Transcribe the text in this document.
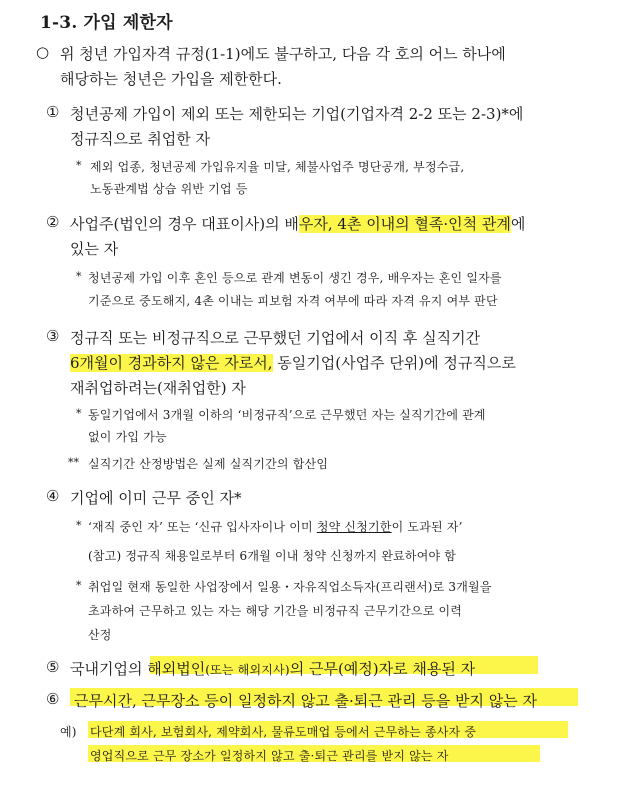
1-3. 가입 제한자
○ 위 청년 가입자격 규정(1-1)에도 불구하고, 다음 각 호의 어느 하나에
해당하는 청년은 가입을 제한한다.
① 청년공제 가입이 제외 또는 제한되는 기업(기업자격 2-2 또는 2-3)*에
정규직으로 취업한 자
* 제외 업종, 청년공제 가입유지율 미달, 체불사업주 명단공개, 부정수급,
노동관계법 상습 위반 기업 등
② 사업주(법인의 경우 대표이사)의 배우자, 4촌 이내의 혈족·인척 관계에
있는 자
* 청년공제 가입 이후 혼인 등으로 관계 변동이 생긴 경우, 배우자는 혼인 일자를
기준으로 중도해지, 4촌 이내는 피보험 자격 여부에 따라 자격 유지 여부 판단
③ 정규직 또는 비정규직으로 근무했던 기업에서 이직 후 실직기간
6개월이 경과하지 않은 자로서, 동일기업(사업주 단위)에 정규직으로
재취업하려는(재취업한) 자
* 동일기업에서 3개월 이하의 ‘비정규직’으로 근무했던 자는 실직기간에 관계
없이 가입 가능
** 실직기간 산정방법은 실제 실직기간의 합산임
④ 기업에 이미 근무 중인 자*
* ‘재직 중인 자’ 또는 ‘신규 입사자이나 이미 청약 신청기한이 도과된 자’
(참고) 정규직 채용일로부터 6개월 이내 청약 신청까지 완료하여야 함
* 취업일 현재 동일한 사업장에서 일용・자유직업소득자(프리랜서)로 3개월을
초과하여 근무하고 있는 자는 해당 기간을 비정규직 근무기간으로 이력
산정
⑤ 국내기업의 해외법인(또는 해외지사)의 근무(예정)자로 채용된 자
⑥ 근무시간, 근무장소 등이 일정하지 않고 출·퇴근 관리 등을 받지 않는 자
예) 다단계 회사, 보험회사, 제약회사, 물류도매업 등에서 근무하는 종사자 중
영업직으로 근무 장소가 일정하지 않고 출·퇴근 관리를 받지 않는 자
